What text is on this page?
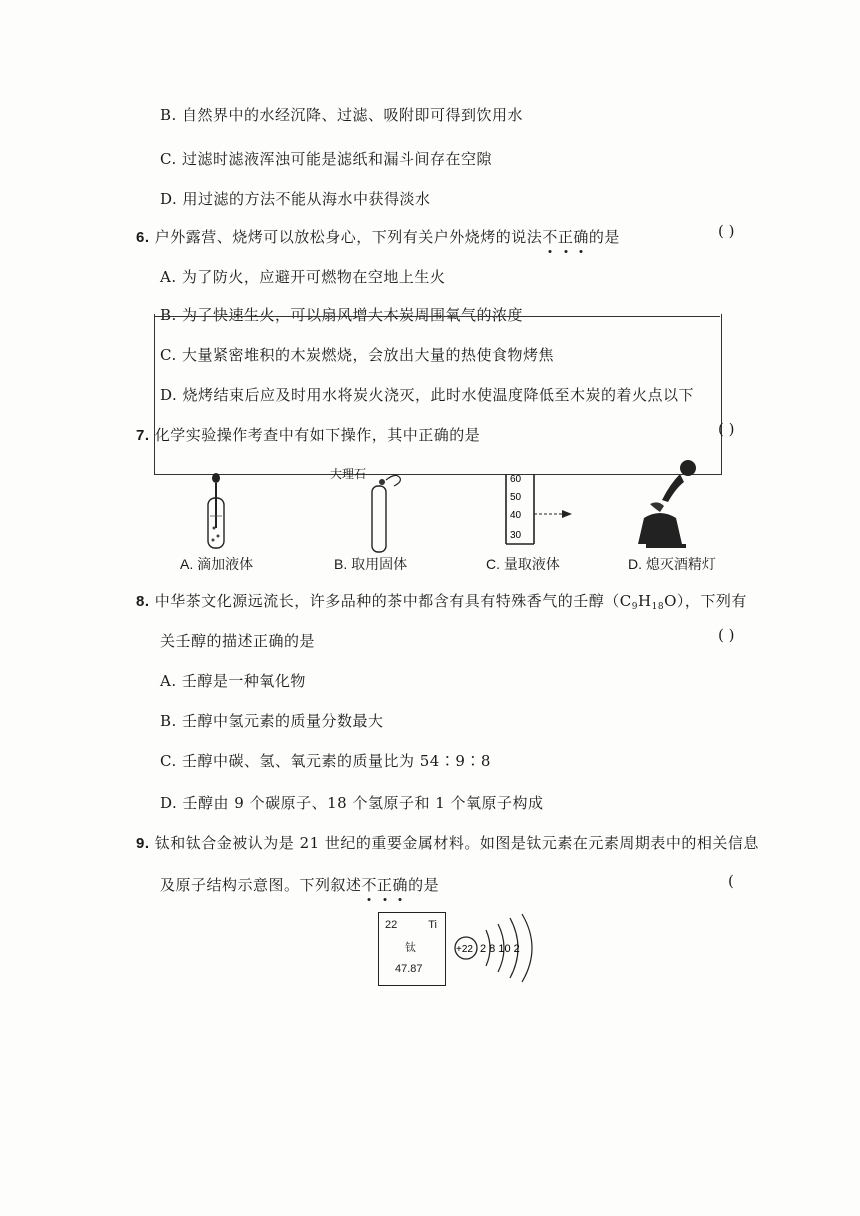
B. 自然界中的水经沉降、过滤、吸附即可得到饮用水
C. 过滤时滤液浑浊可能是滤纸和漏斗间存在空隙
D. 用过滤的方法不能从海水中获得淡水
6. 户外露营、烧烤可以放松身心，下列有关户外烧烤的说法不正确的是	( )
A. 为了防火，应避开可燃物在空地上生火
B. 为了快速生火，可以扇风增大木炭周围氧气的浓度
C. 大量紧密堆积的木炭燃烧，会放出大量的热使食物烤焦
D. 烧烤结束后应及时用水将炭火浇灭，此时水使温度降低至木炭的着火点以下
7. 化学实验操作考查中有如下操作，其中正确的是	( )
大理石	60
50
40
30
A. 滴加液体	B. 取用固体	C. 量取液体	D. 熄灭酒精灯
8. 中华茶文化源远流长，许多品种的茶中都含有具有特殊香气的壬醇$(C_9H_{18}O)$，下列有
关壬醇的描述正确的是	( )
A. 壬醇是一种氧化物
B. 壬醇中氢元素的质量分数最大
C. 壬醇中碳、氢、氧元素的质量比为 54∶9∶8
D. 壬醇由 9 个碳原子、18 个氢原子和 1 个氧原子构成
9. 钛和钛合金被认为是 21 世纪的重要金属材料。如图是钛元素在元素周期表中的相关信息
及原子结构示意图。下列叙述不正确的是	(
22	Ti
钛
47.87
+22 2 8 10 2
